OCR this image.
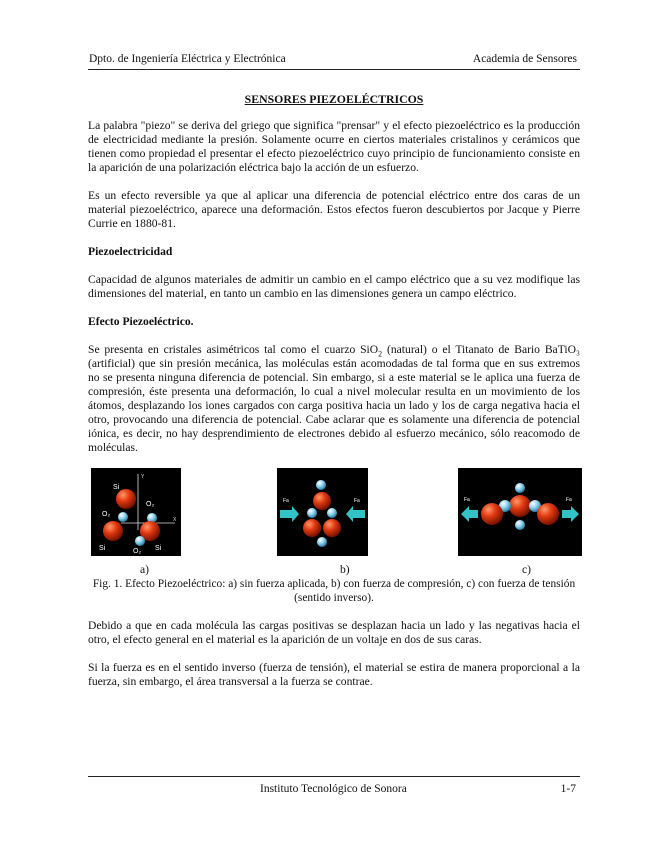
Dpto. de Ingeniería Eléctrica y Electrónica	Academia de Sensores
SENSORES PIEZOELÉCTRICOS

La palabra "piezo" se deriva del griego que significa "prensar" y el efecto piezoeléctrico es la producción de electricidad mediante la presión. Solamente ocurre en ciertos materiales cristalinos y cerámicos que tienen como propiedad el presentar el efecto piezoeléctrico cuyo principio de funcionamiento consiste en la aparición de una polarización eléctrica bajo la acción de un esfuerzo.

Es un efecto reversible ya que al aplicar una diferencia de potencial eléctrico entre dos caras de un material piezoeléctrico, aparece una deformación. Estos efectos fueron descubiertos por Jacque y Pierre Currie en 1880-81.

Piezoelectricidad

Capacidad de algunos materiales de admitir un cambio en el campo eléctrico que a su vez modifique las dimensiones del material, en tanto un cambio en las dimensiones genera un campo eléctrico.

Efecto Piezoeléctrico.

Se presenta en cristales asimétricos tal como el cuarzo SiO$_2$ (natural) o el Titanato de Bario BaTiO₃ (artificial) que sin presión mecánica, las moléculas están acomodadas de tal forma que en sus extremos no se presenta ninguna diferencia de potencial. Sin embargo, si a este material se le aplica una fuerza de compresión, éste presenta una deformación, lo cual a nivel molecular resulta en un movimiento de los átomos, desplazando los iones cargados con carga positiva hacia un lado y los de carga negativa hacia el otro, provocando una diferencia de potencial. Cabe aclarar que es solamente una diferencia de potencial iónica, es decir, no hay desprendimiento de electrones debido al esfuerzo mecánico, sólo reacomodo de moléculas.

Si
O₂
O₂
Si	O₂ Si
Y
X
Fa	Fa	Fa	Fa
a)	b)	c)
Fig. 1. Efecto Piezoeléctrico: a) sin fuerza aplicada, b) con fuerza de compresión, c) con fuerza de tensión (sentido inverso).

Debido a que en cada molécula las cargas positivas se desplazan hacia un lado y las negativas hacia el otro, el efecto general en el material es la aparición de un voltaje en dos de sus caras.

Si la fuerza es en el sentido inverso (fuerza de tensión), el material se estira de manera proporcional a la fuerza, sin embargo, el área transversal a la fuerza se contrae.

Instituto Tecnológico de Sonora	1-7
